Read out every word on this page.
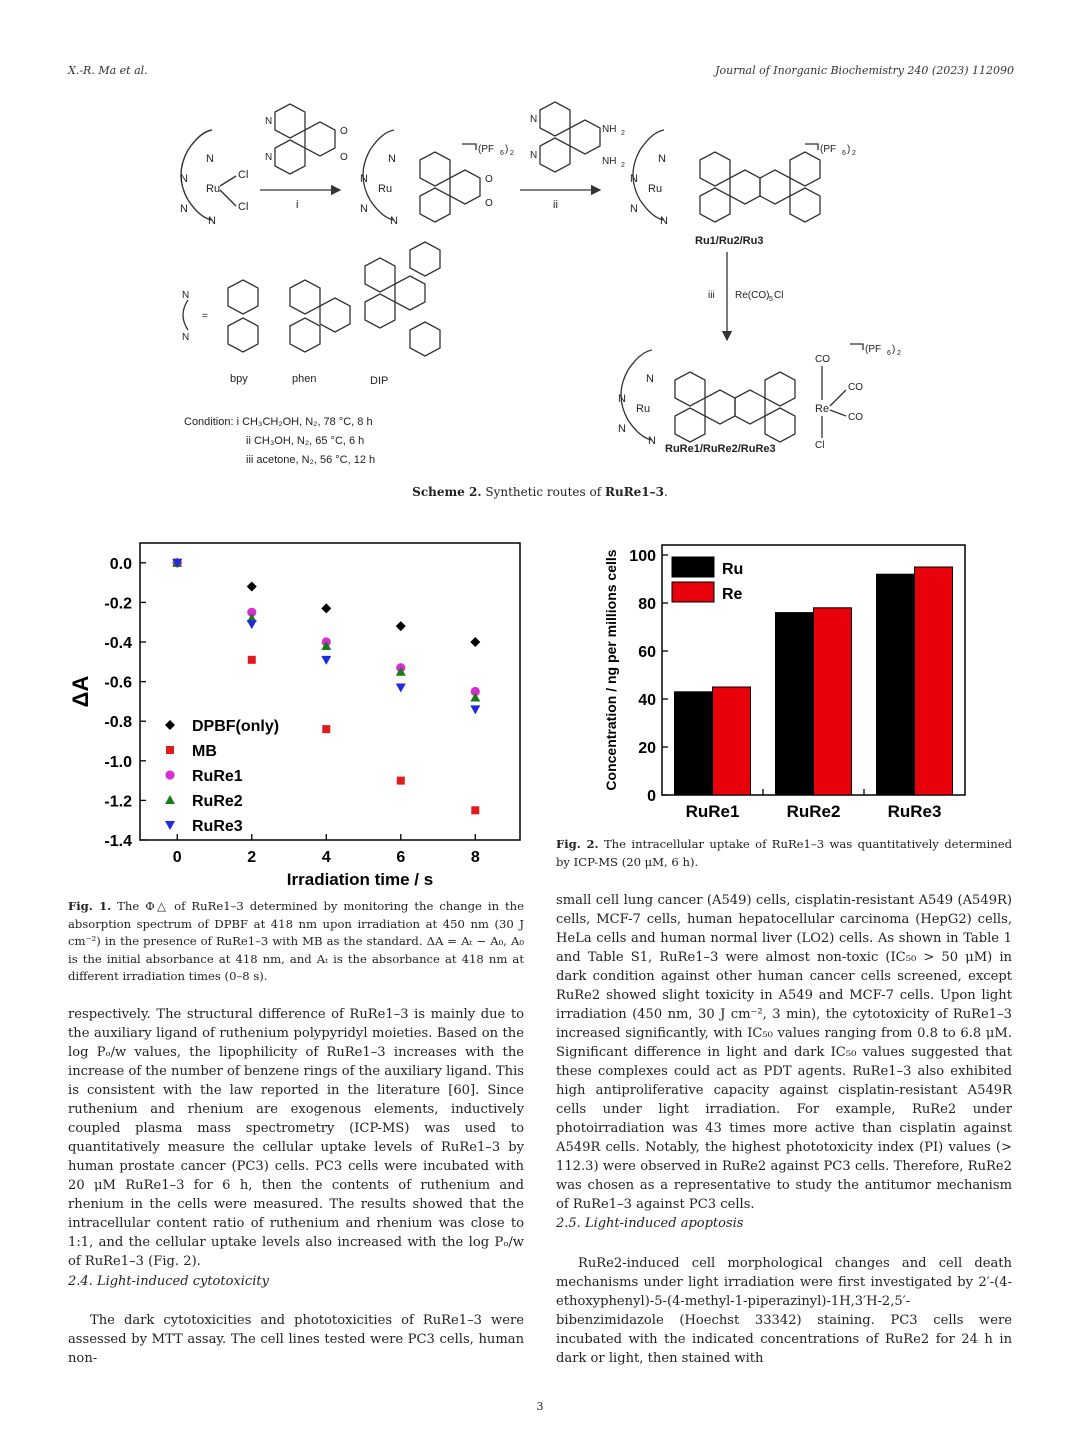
X.-R. Ma et al.	Journal of Inorganic Biochemistry 240 (2023) 112090
N
N
Ru
N
N
Cl
Cl
N
N
O
O
i
N
N
Ru
N
N
O
O
(PF 6 ) 2
N
N
NH 2
NH 2
ii
N
N
Ru
N
N
(PF 6 ) 2
Ru1/Ru2/Ru3
iii Re(CO) 5 Cl
N
N
Ru
N
N
Re
CO
CO
CO
Cl
(PF 6 ) 2
RuRe1/RuRe2/RuRe3
N
N
=
bpy	phen	DIP
Condition: i CH₃CH₂OH, N₂, 78 °C, 8 h
ii CH₃OH, N₂, 65 °C, 6 h
iii acetone, N₂, 56 °C, 12 h
Scheme 2. Synthetic routes of RuRe1–3.
0.0
-0.2
-0.4
-0.6
-0.8
-1.0
-1.2
-1.4
0	2	4	6	8
Irradiation time / s
ΔA
DPBF(only)
MB
RuRe1
RuRe2
RuRe3
0
20
40
60
80
100
Concentration / ng per millions cells
RuRe1	RuRe2	RuRe3
Ru
Re
Fig. 1. The Φ△ of RuRe1–3 determined by monitoring the change in the absorption spectrum of DPBF at 418 nm upon irradiation at 450 nm (30 J cm⁻²) in the presence of RuRe1–3 with MB as the standard. ΔA = Aₜ − A₀, A₀ is the initial absorbance at 418 nm, and Aₜ is the absorbance at 418 nm at different irradiation times (0–8 s).
Fig. 2. The intracellular uptake of RuRe1–3 was quantitatively determined by ICP-MS (20 μM, 6 h).

respectively. The structural difference of RuRe1–3 is mainly due to the auxiliary ligand of ruthenium polypyridyl moieties. Based on the log Pₒ/w values, the lipophilicity of RuRe1–3 increases with the increase of the number of benzene rings of the auxiliary ligand. This is consistent with the law reported in the literature [60]. Since ruthenium and rhenium are exogenous elements, inductively coupled plasma mass spectrometry (ICP-MS) was used to quantitatively measure the cellular uptake levels of RuRe1–3 by human prostate cancer (PC3) cells. PC3 cells were incubated with 20 μM RuRe1–3 for 6 h, then the contents of ruthenium and rhenium in the cells were measured. The results showed that the intracellular content ratio of ruthenium and rhenium was close to 1:1, and the cellular uptake levels also increased with the log Pₒ/w of RuRe1–3 (Fig. 2).

2.4. Light-induced cytotoxicity

The dark cytotoxicities and phototoxicities of RuRe1–3 were assessed by MTT assay. The cell lines tested were PC3 cells, human non-

small cell lung cancer (A549) cells, cisplatin-resistant A549 (A549R) cells, MCF-7 cells, human hepatocellular carcinoma (HepG2) cells, HeLa cells and human normal liver (LO2) cells. As shown in Table 1 and Table S1, RuRe1–3 were almost non-toxic (IC₅₀ > 50 μM) in dark condition against other human cancer cells screened, except RuRe2 showed slight toxicity in A549 and MCF-7 cells. Upon light irradiation (450 nm, 30 J cm⁻², 3 min), the cytotoxicity of RuRe1–3 increased significantly, with IC₅₀ values ranging from 0.8 to 6.8 μM. Significant difference in light and dark IC₅₀ values suggested that these complexes could act as PDT agents. RuRe1–3 also exhibited high antiproliferative capacity against cisplatin-resistant A549R cells under light irradiation. For example, RuRe2 under photoirradiation was 43 times more active than cisplatin against A549R cells. Notably, the highest phototoxicity index (PI) values (> 112.3) were observed in RuRe2 against PC3 cells. Therefore, RuRe2 was chosen as a representative to study the antitumor mechanism of RuRe1–3 against PC3 cells.

2.5. Light-induced apoptosis

RuRe2-induced cell morphological changes and cell death mechanisms under light irradiation were first investigated by 2′-(4-ethoxyphenyl)-5-(4-methyl-1-piperazinyl)-1H,3′H-2,5′-bibenzimidazole (Hoechst 33342) staining. PC3 cells were incubated with the indicated concentrations of RuRe2 for 24 h in dark or light, then stained with

3
